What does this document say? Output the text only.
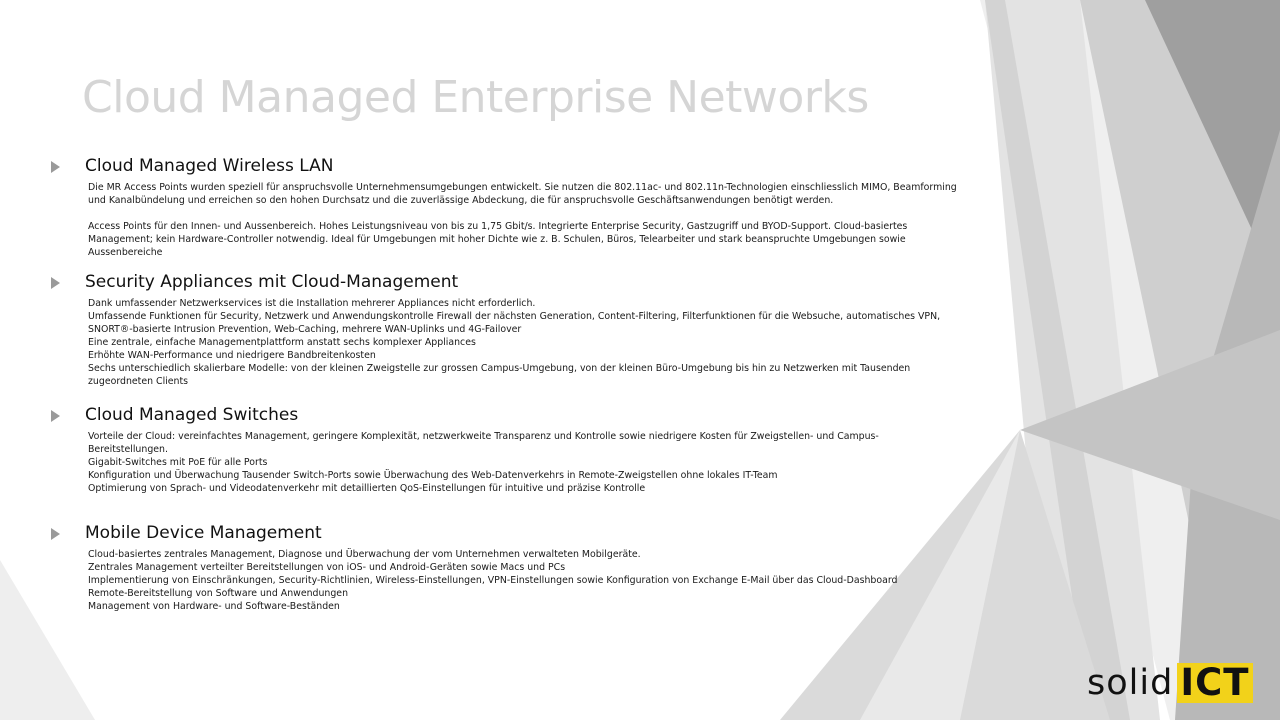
Cloud Managed Enterprise Networks
Cloud Managed Wireless LAN
Die MR Access Points wurden speziell für anspruchsvolle Unternehmensumgebungen entwickelt. Sie nutzen die 802.11ac- und 802.11n-Technologien einschliesslich MIMO, Beamforming
und Kanalbündelung und erreichen so den hohen Durchsatz und die zuverlässige Abdeckung, die für anspruchsvolle Geschäftsanwendungen benötigt werden.
Access Points für den Innen- und Aussenbereich. Hohes Leistungsniveau von bis zu 1,75 Gbit/s. Integrierte Enterprise Security, Gastzugriff und BYOD-Support. Cloud-basiertes
Management; kein Hardware-Controller notwendig. Ideal für Umgebungen mit hoher Dichte wie z. B. Schulen, Büros, Telearbeiter und stark beanspruchte Umgebungen sowie
Aussenbereiche
Security Appliances mit Cloud-Management
Dank umfassender Netzwerkservices ist die Installation mehrerer Appliances nicht erforderlich.
Umfassende Funktionen für Security, Netzwerk und Anwendungskontrolle Firewall der nächsten Generation, Content-Filtering, Filterfunktionen für die Websuche, automatisches VPN,
SNORT®-basierte Intrusion Prevention, Web-Caching, mehrere WAN-Uplinks und 4G-Failover
Eine zentrale, einfache Managementplattform anstatt sechs komplexer Appliances
Erhöhte WAN-Performance und niedrigere Bandbreitenkosten
Sechs unterschiedlich skalierbare Modelle: von der kleinen Zweigstelle zur grossen Campus-Umgebung, von der kleinen Büro-Umgebung bis hin zu Netzwerken mit Tausenden
zugeordneten Clients
Cloud Managed Switches
Vorteile der Cloud: vereinfachtes Management, geringere Komplexität, netzwerkweite Transparenz und Kontrolle sowie niedrigere Kosten für Zweigstellen- und Campus-
Bereitstellungen.
Gigabit-Switches mit PoE für alle Ports
Konfiguration und Überwachung Tausender Switch-Ports sowie Überwachung des Web-Datenverkehrs in Remote-Zweigstellen ohne lokales IT-Team
Optimierung von Sprach- und Videodatenverkehr mit detaillierten QoS-Einstellungen für intuitive und präzise Kontrolle
Mobile Device Management
Cloud-basiertes zentrales Management, Diagnose und Überwachung der vom Unternehmen verwalteten Mobilgeräte.
Zentrales Management verteilter Bereitstellungen von iOS- und Android-Geräten sowie Macs und PCs
Implementierung von Einschränkungen, Security-Richtlinien, Wireless-Einstellungen, VPN-Einstellungen sowie Konfiguration von Exchange E-Mail über das Cloud-Dashboard
Remote-Bereitstellung von Software und Anwendungen
Management von Hardware- und Software-Beständen
solid ICT
